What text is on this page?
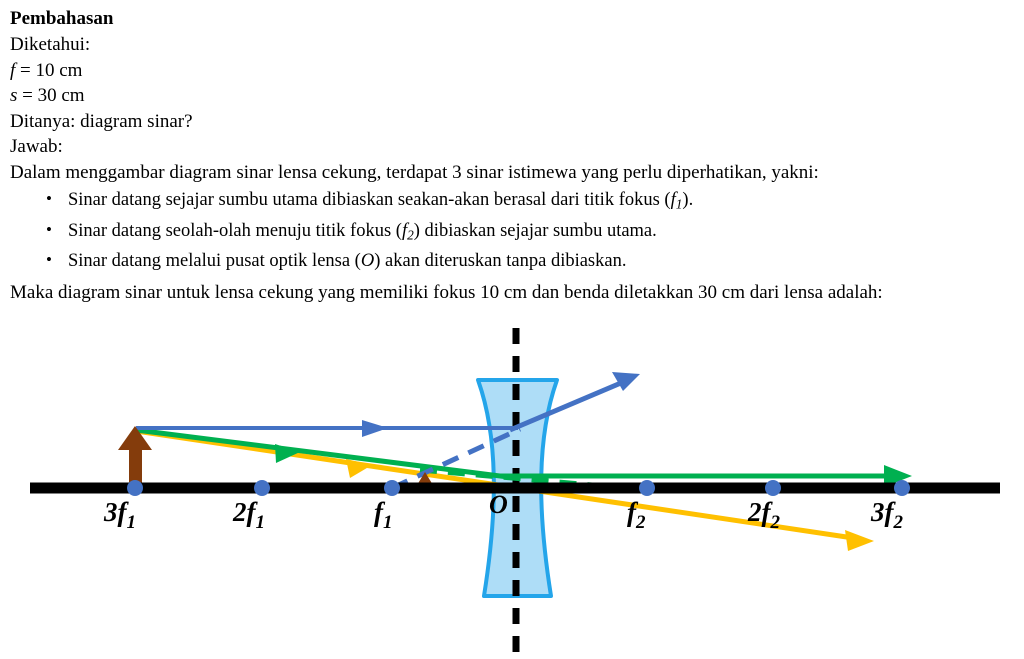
Pembahasan

Diketahui:

f = 10 cm

s = 30 cm

Ditanya: diagram sinar?

Jawab:

Dalam menggambar diagram sinar lensa cekung, terdapat 3 sinar istimewa yang perlu diperhatikan, yakni:

• Sinar datang sejajar sumbu utama dibiaskan seakan-akan berasal dari titik fokus $(f_1)$.
• Sinar datang seolah-olah menuju titik fokus $(f_2)$ dibiaskan sejajar sumbu utama.
• Sinar datang melalui pusat optik lensa (O) akan diteruskan tanpa dibiaskan.

Maka diagram sinar untuk lensa cekung yang memiliki fokus 10 cm dan benda diletakkan 30 cm dari lensa adalah:

$3f_1$	$2f_1$	$f_1$	$f_2$	$2f_2$	$3f_2$
O
